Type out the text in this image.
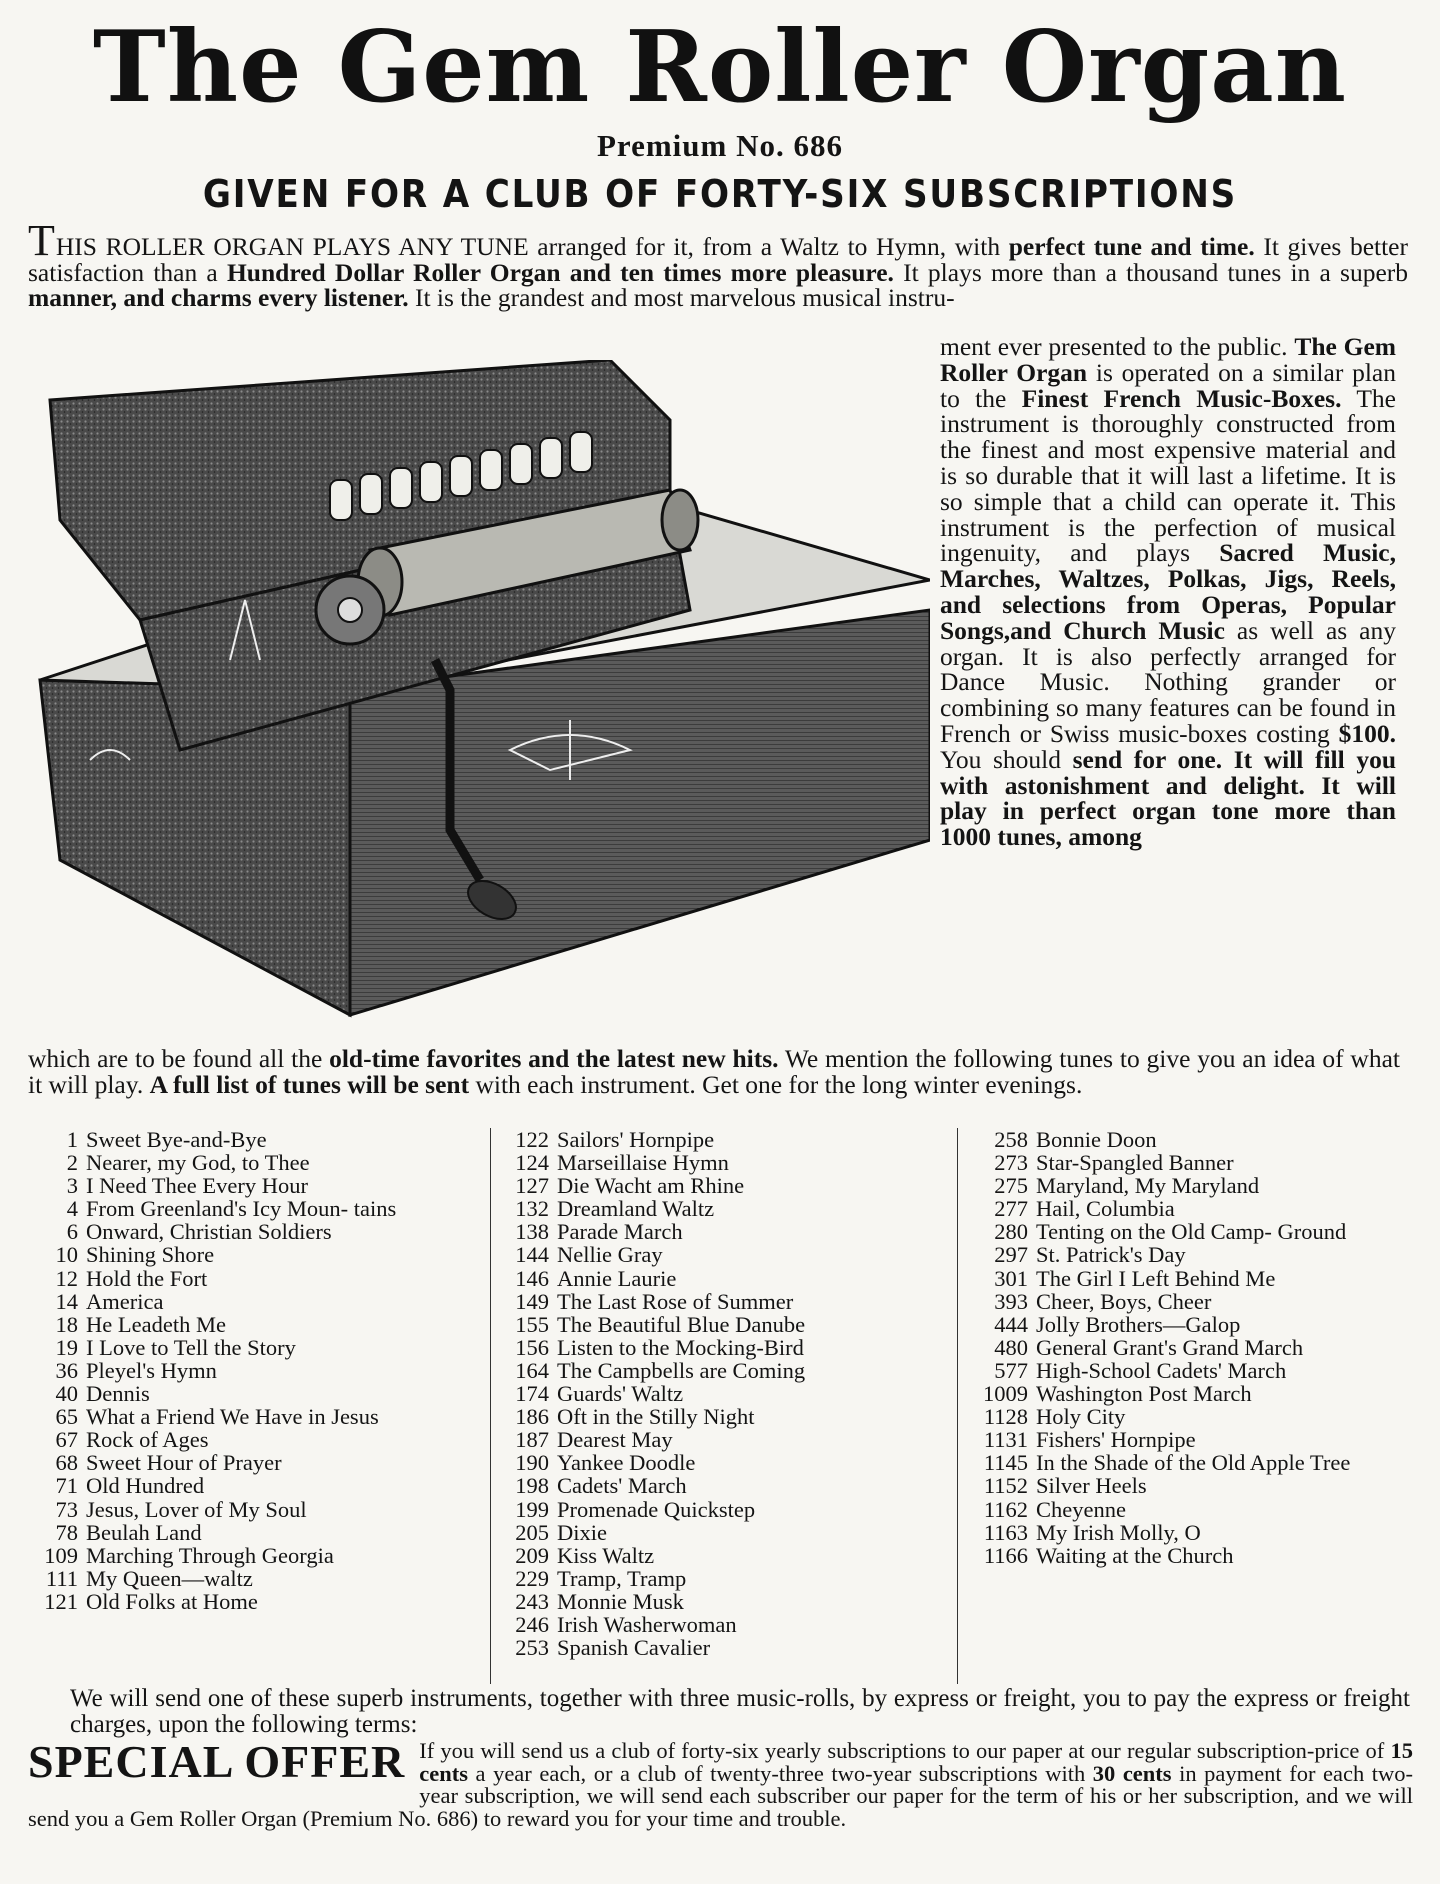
The Gem Roller Organ
Premium No. 686
GIVEN FOR A CLUB OF FORTY-SIX SUBSCRIPTIONS

THIS ROLLER ORGAN PLAYS ANY TUNE arranged for it, from a Waltz to Hymn, with perfect tune and time. It gives better satisfaction than a Hundred Dollar Roller Organ and ten times more pleasure. It plays more than a thousand tunes in a superb manner, and charms every listener. It is the grandest and most marvelous musical instru-

ment ever presented to the public. The Gem Roller Organ is operated on a similar plan to the Finest French Music-Boxes. The instrument is thoroughly constructed from the finest and most expensive material and is so durable that it will last a lifetime. It is so simple that a child can operate it. This instrument is the perfection of musical ingenuity, and plays Sacred Music, Marches, Waltzes, Polkas, Jigs, Reels, and selections from Operas, Popular Songs,and Church Music as well as any organ. It is also perfectly arranged for Dance Music. Nothing grander or combining so many features can be found in French or Swiss music-boxes costing $100. You should send for one. It will fill you with astonishment and delight. It will play in perfect organ tone more than 1000 tunes, among

which are to be found all the old-time favorites and the latest new hits. We mention the following tunes to give you an idea of what it will play. A full list of tunes will be sent with each instrument. Get one for the long winter evenings.

1 Sweet Bye-and-Bye
2 Nearer, my God, to Thee
3 I Need Thee Every Hour
4 From Greenland's Icy Moun- tains
6 Onward, Christian Soldiers
10 Shining Shore
12 Hold the Fort
14 America
18 He Leadeth Me
19 I Love to Tell the Story
36 Pleyel's Hymn
40 Dennis
65 What a Friend We Have in Jesus
67 Rock of Ages
68 Sweet Hour of Prayer
71 Old Hundred
73 Jesus, Lover of My Soul
78 Beulah Land
109 Marching Through Georgia
111 My Queen—waltz
121 Old Folks at Home
122 Sailors' Hornpipe
124 Marseillaise Hymn
127 Die Wacht am Rhine
132 Dreamland Waltz
138 Parade March
144 Nellie Gray
146 Annie Laurie
149 The Last Rose of Summer
155 The Beautiful Blue Danube
156 Listen to the Mocking-Bird
164 The Campbells are Coming
174 Guards' Waltz
186 Oft in the Stilly Night
187 Dearest May
190 Yankee Doodle
198 Cadets' March
199 Promenade Quickstep
205 Dixie
209 Kiss Waltz
229 Tramp, Tramp
243 Monnie Musk
246 Irish Washerwoman
253 Spanish Cavalier
258 Bonnie Doon
273 Star-Spangled Banner
275 Maryland, My Maryland
277 Hail, Columbia
280 Tenting on the Old Camp- Ground
297 St. Patrick's Day
301 The Girl I Left Behind Me
393 Cheer, Boys, Cheer
444 Jolly Brothers—Galop
480 General Grant's Grand March
577 High-School Cadets' March
1009 Washington Post March
1128 Holy City
1131 Fishers' Hornpipe
1145 In the Shade of the Old Apple Tree
1152 Silver Heels
1162 Cheyenne
1163 My Irish Molly, O
1166 Waiting at the Church

We will send one of these superb instruments, together with three music-rolls, by express or freight, you to pay the express or freight charges, upon the following terms:

SPECIAL OFFER If you will send us a club of forty-six yearly subscriptions to our paper at our regular subscription-price of 15 cents a year each, or a club of twenty-three two-year subscriptions with 30 cents in payment for each two-year subscription, we will send each subscriber our paper for the term of his or her subscription, and we will send you a Gem Roller Organ (Premium No. 686) to reward you for your time and trouble.
